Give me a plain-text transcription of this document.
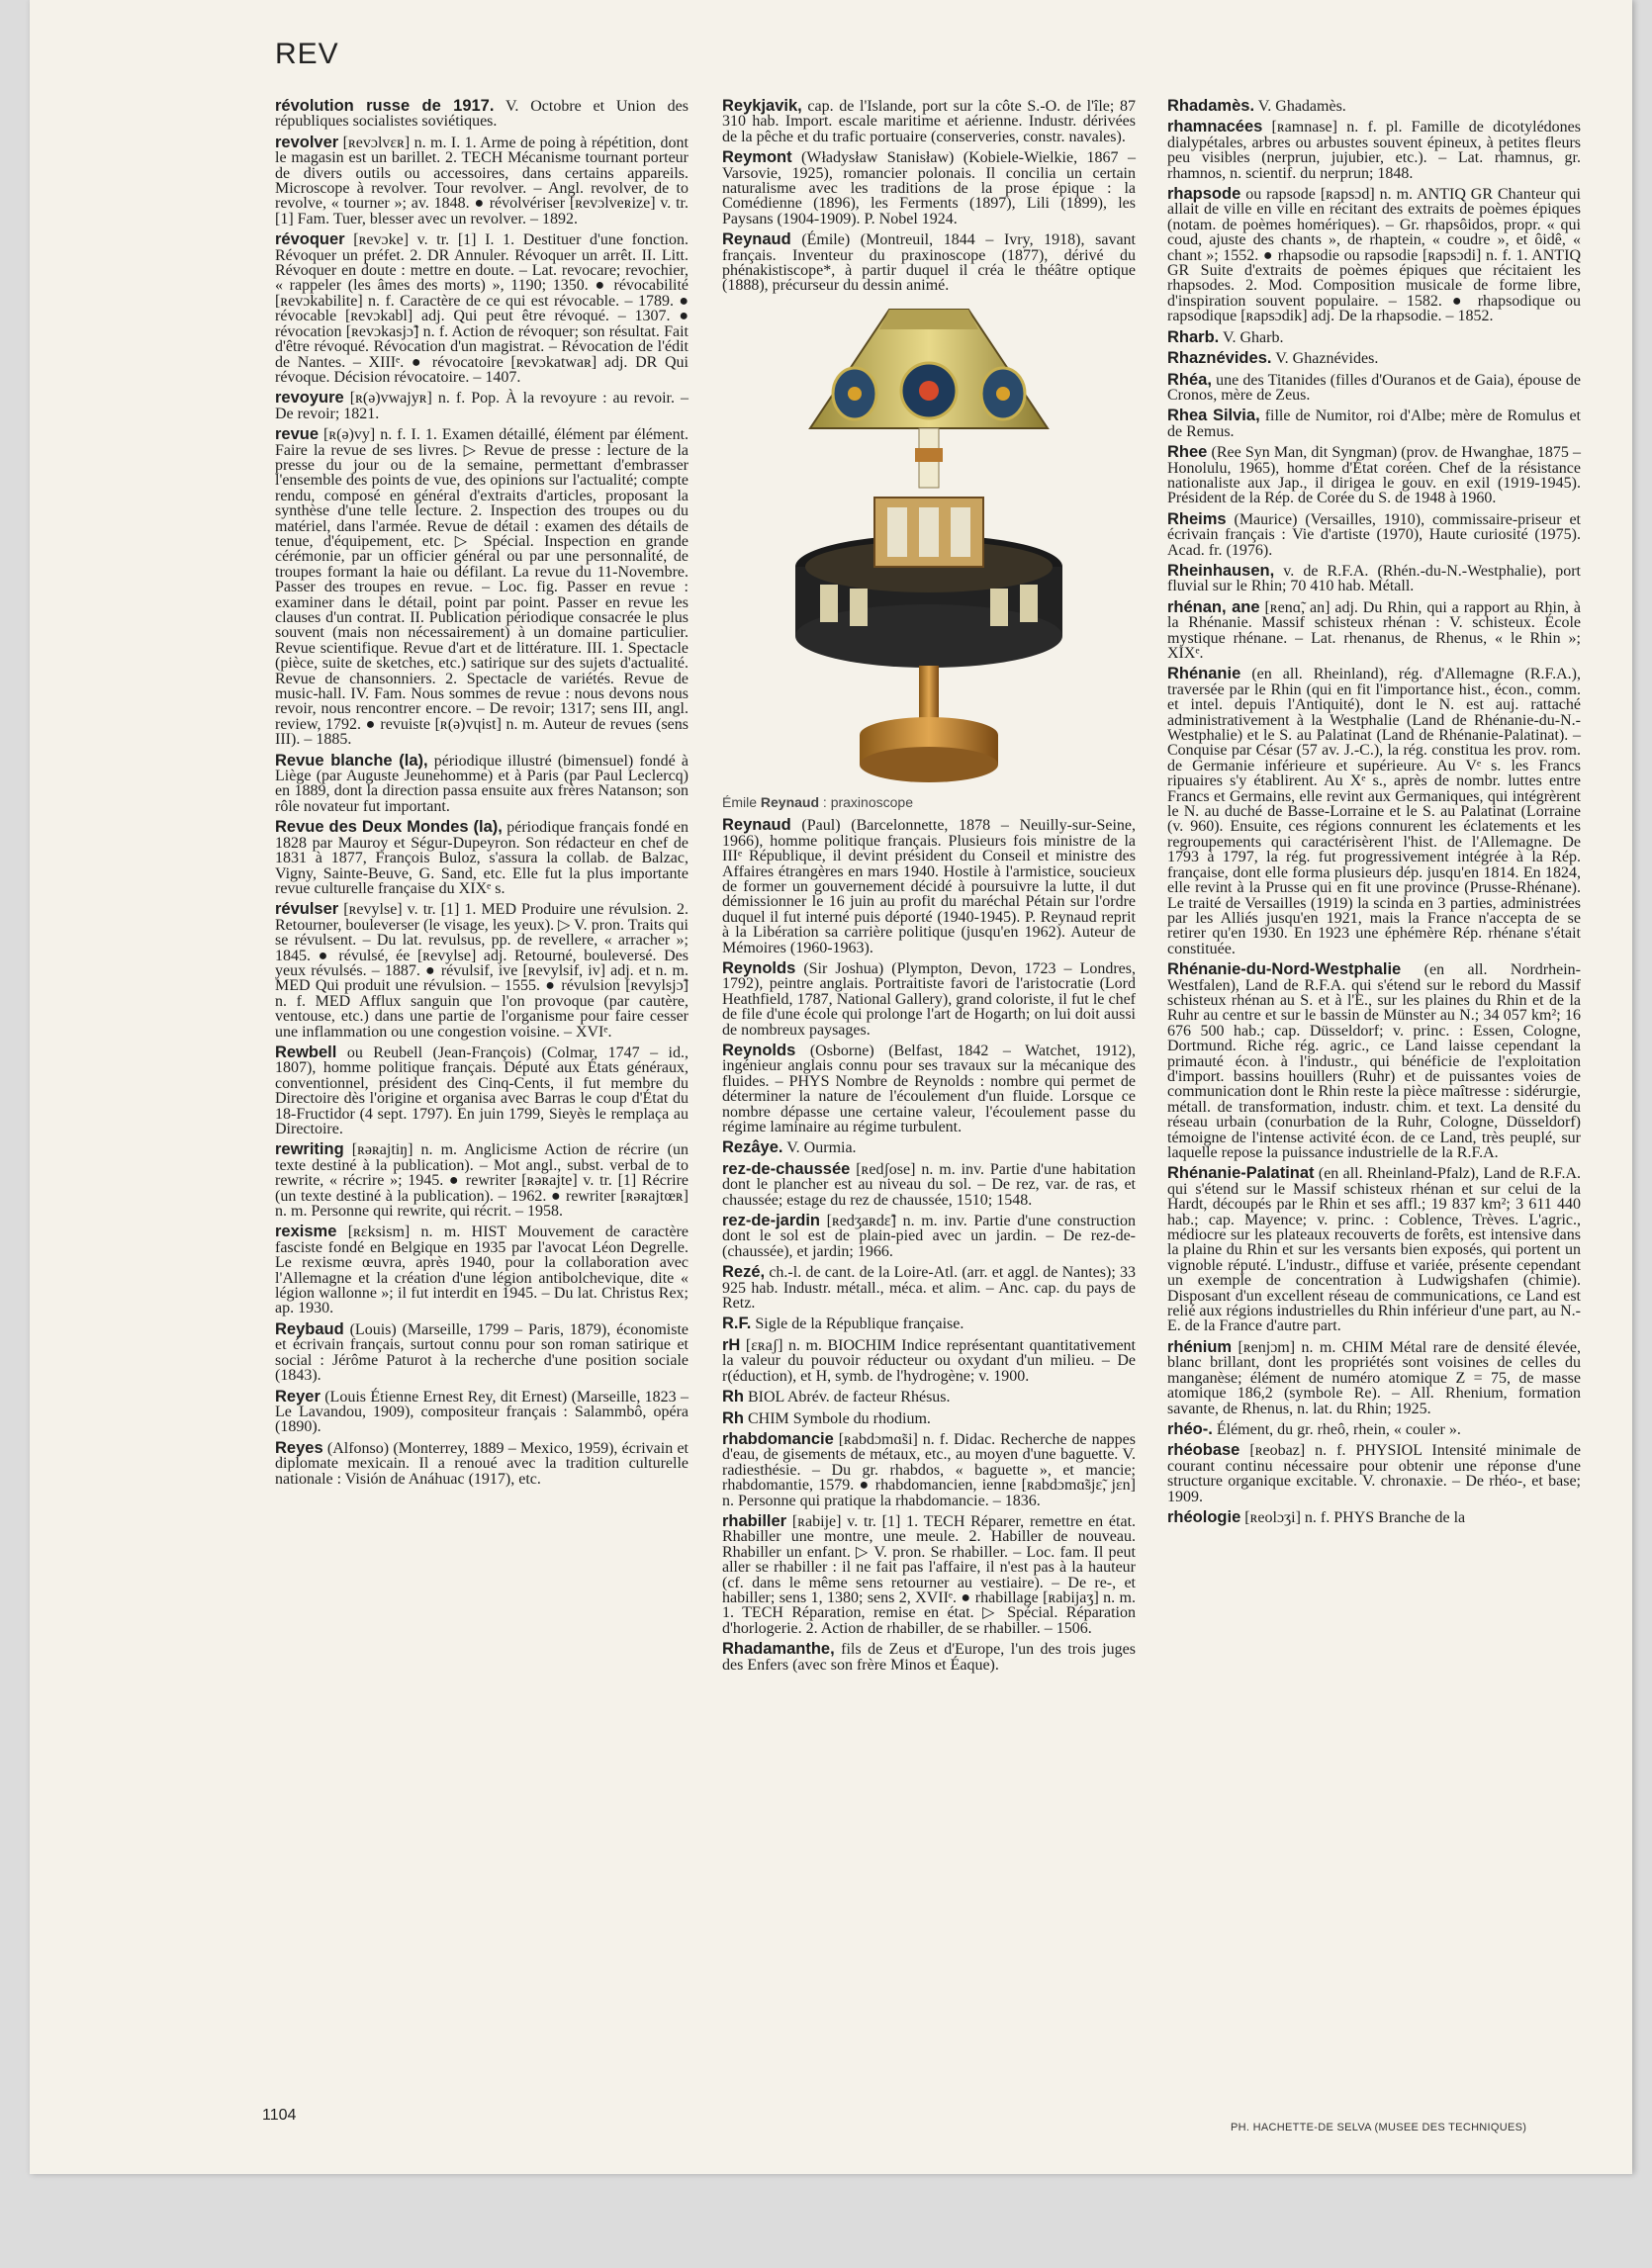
REV

révolution russe de 1917. V. Octobre et Union des républiques socialistes soviétiques.

revolver [ʀevɔlvɛʀ] n. m. I. 1. Arme de poing à répétition, dont le magasin est un barillet. 2. TECH Mécanisme tournant porteur de divers outils ou accessoires, dans certains appareils. Microscope à revolver. Tour revolver. – Angl. revolver, de to revolve, « tourner »; av. 1848. ● révolvériser [ʀevɔlveʀize] v. tr. [1] Fam. Tuer, blesser avec un revolver. – 1892.

révoquer [ʀevɔke] v. tr. [1] I. 1. Destituer d'une fonction. Révoquer un préfet. 2. DR Annuler. Révoquer un arrêt. II. Litt. Révoquer en doute : mettre en doute. – Lat. revocare; revochier, « rappeler (les âmes des morts) », 1190; 1350. ● révocabilité [ʀevɔkabilite] n. f. Caractère de ce qui est révocable. – 1789. ● révocable [ʀevɔkabl] adj. Qui peut être révoqué. – 1307. ● révocation [ʀevɔkasjɔ̃] n. f. Action de révoquer; son résultat. Fait d'être révoqué. Révocation d'un magistrat. – Révocation de l'édit de Nantes. – XIIIᵉ. ● révocatoire [ʀevɔkatwaʀ] adj. DR Qui révoque. Décision révocatoire. – 1407.

revoyure [ʀ(ə)vwajyʀ] n. f. Pop. À la revoyure : au revoir. – De revoir; 1821.

revue [ʀ(ə)vy] n. f. I. 1. Examen détaillé, élément par élément. Faire la revue de ses livres. ▷ Revue de presse : lecture de la presse du jour ou de la semaine, permettant d'embrasser l'ensemble des points de vue, des opinions sur l'actualité; compte rendu, composé en général d'extraits d'articles, proposant la synthèse d'une telle lecture. 2. Inspection des troupes ou du matériel, dans l'armée. Revue de détail : examen des détails de tenue, d'équipement, etc. ▷ Spécial. Inspection en grande cérémonie, par un officier général ou par une personnalité, de troupes formant la haie ou défilant. La revue du 11-Novembre. Passer des troupes en revue. – Loc. fig. Passer en revue : examiner dans le détail, point par point. Passer en revue les clauses d'un contrat. II. Publication périodique consacrée le plus souvent (mais non nécessairement) à un domaine particulier. Revue scientifique. Revue d'art et de littérature. III. 1. Spectacle (pièce, suite de sketches, etc.) satirique sur des sujets d'actualité. Revue de chansonniers. 2. Spectacle de variétés. Revue de music-hall. IV. Fam. Nous sommes de revue : nous devons nous revoir, nous rencontrer encore. – De revoir; 1317; sens III, angl. review, 1792. ● revuiste [ʀ(ə)vɥist] n. m. Auteur de revues (sens III). – 1885.

Revue blanche (la), périodique illustré (bimensuel) fondé à Liège (par Auguste Jeunehomme) et à Paris (par Paul Leclercq) en 1889, dont la direction passa ensuite aux frères Natanson; son rôle novateur fut important.

Revue des Deux Mondes (la), périodique français fondé en 1828 par Mauroy et Ségur-Dupeyron. Son rédacteur en chef de 1831 à 1877, François Buloz, s'assura la collab. de Balzac, Vigny, Sainte-Beuve, G. Sand, etc. Elle fut la plus importante revue culturelle française du XIXᵉ s.

révulser [ʀevylse] v. tr. [1] 1. MED Produire une révulsion. 2. Retourner, bouleverser (le visage, les yeux). ▷ V. pron. Traits qui se révulsent. – Du lat. revulsus, pp. de revellere, « arracher »; 1845. ● révulsé, ée [ʀevylse] adj. Retourné, bouleversé. Des yeux révulsés. – 1887. ● révulsif, ive [ʀevylsif, iv] adj. et n. m. MED Qui produit une révulsion. – 1555. ● révulsion [ʀevylsjɔ̃] n. f. MED Afflux sanguin que l'on provoque (par cautère, ventouse, etc.) dans une partie de l'organisme pour faire cesser une inflammation ou une congestion voisine. – XVIᵉ.

Rewbell ou Reubell (Jean-François) (Colmar, 1747 – id., 1807), homme politique français. Député aux États généraux, conventionnel, président des Cinq-Cents, il fut membre du Directoire dès l'origine et organisa avec Barras le coup d'État du 18-Fructidor (4 sept. 1797). En juin 1799, Sieyès le remplaça au Directoire.

rewriting [ʀəʀajtiŋ] n. m. Anglicisme Action de récrire (un texte destiné à la publication). – Mot angl., subst. verbal de to rewrite, « récrire »; 1945. ● rewriter [ʀəʀajte] v. tr. [1] Récrire (un texte destiné à la publication). – 1962. ● rewriter [ʀəʀajtœʀ] n. m. Personne qui rewrite, qui récrit. – 1958.

rexisme [ʀɛksism] n. m. HIST Mouvement de caractère fasciste fondé en Belgique en 1935 par l'avocat Léon Degrelle. Le rexisme œuvra, après 1940, pour la collaboration avec l'Allemagne et la création d'une légion antibolchevique, dite « légion wallonne »; il fut interdit en 1945. – Du lat. Christus Rex; ap. 1930.

Reybaud (Louis) (Marseille, 1799 – Paris, 1879), économiste et écrivain français, surtout connu pour son roman satirique et social : Jérôme Paturot à la recherche d'une position sociale (1843).

Reyer (Louis Étienne Ernest Rey, dit Ernest) (Marseille, 1823 – Le Lavandou, 1909), compositeur français : Salammbô, opéra (1890).

Reyes (Alfonso) (Monterrey, 1889 – Mexico, 1959), écrivain et diplomate mexicain. Il a renoué avec la tradition culturelle nationale : Visión de Anáhuac (1917), etc.

Reykjavik, cap. de l'Islande, port sur la côte S.-O. de l'île; 87 310 hab. Import. escale maritime et aérienne. Industr. dérivées de la pêche et du trafic portuaire (conserveries, constr. navales).

Reymont (Władysław Stanisław) (Kobiele-Wielkie, 1867 – Varsovie, 1925), romancier polonais. Il concilia un certain naturalisme avec les traditions de la prose épique : la Comédienne (1896), les Ferments (1897), Lili (1899), les Paysans (1904-1909). P. Nobel 1924.

Reynaud (Émile) (Montreuil, 1844 – Ivry, 1918), savant français. Inventeur du praxinoscope (1877), dérivé du phénakistiscope*, à partir duquel il créa le théâtre optique (1888), précurseur du dessin animé.

Émile Reynaud : praxinoscope

Reynaud (Paul) (Barcelonnette, 1878 – Neuilly-sur-Seine, 1966), homme politique français. Plusieurs fois ministre de la IIIᵉ République, il devint président du Conseil et ministre des Affaires étrangères en mars 1940. Hostile à l'armistice, soucieux de former un gouvernement décidé à poursuivre la lutte, il dut démissionner le 16 juin au profit du maréchal Pétain sur l'ordre duquel il fut interné puis déporté (1940-1945). P. Reynaud reprit à la Libération sa carrière politique (jusqu'en 1962). Auteur de Mémoires (1960-1963).

Reynolds (Sir Joshua) (Plympton, Devon, 1723 – Londres, 1792), peintre anglais. Portraitiste favori de l'aristocratie (Lord Heathfield, 1787, National Gallery), grand coloriste, il fut le chef de file d'une école qui prolonge l'art de Hogarth; on lui doit aussi de nombreux paysages.

Reynolds (Osborne) (Belfast, 1842 – Watchet, 1912), ingénieur anglais connu pour ses travaux sur la mécanique des fluides. – PHYS Nombre de Reynolds : nombre qui permet de déterminer la nature de l'écoulement d'un fluide. Lorsque ce nombre dépasse une certaine valeur, l'écoulement passe du régime laminaire au régime turbulent.

Rezâye. V. Ourmia.

rez-de-chaussée [ʀedʃose] n. m. inv. Partie d'une habitation dont le plancher est au niveau du sol. – De rez, var. de ras, et chaussée; estage du rez de chaussée, 1510; 1548.

rez-de-jardin [ʀedʒaʀdɛ̃] n. m. inv. Partie d'une construction dont le sol est de plain-pied avec un jardin. – De rez-de-(chaussée), et jardin; 1966.

Rezé, ch.-l. de cant. de la Loire-Atl. (arr. et aggl. de Nantes); 33 925 hab. Industr. métall., méca. et alim. – Anc. cap. du pays de Retz.

R.F. Sigle de la République française.

rH [ɛʀaʃ] n. m. BIOCHIM Indice représentant quantitativement la valeur du pouvoir réducteur ou oxydant d'un milieu. – De r(éduction), et H, symb. de l'hydrogène; v. 1900.

Rh BIOL Abrév. de facteur Rhésus.

Rh CHIM Symbole du rhodium.

rhabdomancie [ʀabdɔmɑ̃si] n. f. Didac. Recherche de nappes d'eau, de gisements de métaux, etc., au moyen d'une baguette. V. radiesthésie. – Du gr. rhabdos, « baguette », et mancie; rhabdomantie, 1579. ● rhabdomancien, ienne [ʀabdɔmɑ̃sjɛ̃, jɛn] n. Personne qui pratique la rhabdomancie. – 1836.

rhabiller [ʀabije] v. tr. [1] 1. TECH Réparer, remettre en état. Rhabiller une montre, une meule. 2. Habiller de nouveau. Rhabiller un enfant. ▷ V. pron. Se rhabiller. – Loc. fam. Il peut aller se rhabiller : il ne fait pas l'affaire, il n'est pas à la hauteur (cf. dans le même sens retourner au vestiaire). – De re-, et habiller; sens 1, 1380; sens 2, XVIIᵉ. ● rhabillage [ʀabijaʒ] n. m. 1. TECH Réparation, remise en état. ▷ Spécial. Réparation d'horlogerie. 2. Action de rhabiller, de se rhabiller. – 1506.

Rhadamanthe, fils de Zeus et d'Europe, l'un des trois juges des Enfers (avec son frère Minos et Éaque).

Rhadamès. V. Ghadamès.

rhamnacées [ʀamnase] n. f. pl. Famille de dicotylédones dialypétales, arbres ou arbustes souvent épineux, à petites fleurs peu visibles (nerprun, jujubier, etc.). – Lat. rhamnus, gr. rhamnos, n. scientif. du nerprun; 1848.

rhapsode ou rapsode [ʀapsɔd] n. m. ANTIQ GR Chanteur qui allait de ville en ville en récitant des extraits de poèmes épiques (notam. de poèmes homériques). – Gr. rhapsôidos, propr. « qui coud, ajuste des chants », de rhaptein, « coudre », et ôidê, « chant »; 1552. ● rhapsodie ou rapsodie [ʀapsɔdi] n. f. 1. ANTIQ GR Suite d'extraits de poèmes épiques que récitaient les rhapsodes. 2. Mod. Composition musicale de forme libre, d'inspiration souvent populaire. – 1582. ● rhapsodique ou rapsodique [ʀapsɔdik] adj. De la rhapsodie. – 1852.

Rharb. V. Gharb.

Rhaznévides. V. Ghaznévides.

Rhéa, une des Titanides (filles d'Ouranos et de Gaia), épouse de Cronos, mère de Zeus.

Rhea Silvia, fille de Numitor, roi d'Albe; mère de Romulus et de Remus.

Rhee (Ree Syn Man, dit Syngman) (prov. de Hwanghae, 1875 – Honolulu, 1965), homme d'État coréen. Chef de la résistance nationaliste aux Jap., il dirigea le gouv. en exil (1919-1945). Président de la Rép. de Corée du S. de 1948 à 1960.

Rheims (Maurice) (Versailles, 1910), commissaire-priseur et écrivain français : Vie d'artiste (1970), Haute curiosité (1975). Acad. fr. (1976).

Rheinhausen, v. de R.F.A. (Rhén.-du-N.-Westphalie), port fluvial sur le Rhin; 70 410 hab. Métall.

rhénan, ane [ʀenɑ̃, an] adj. Du Rhin, qui a rapport au Rhin, à la Rhénanie. Massif schisteux rhénan : V. schisteux. École mystique rhénane. – Lat. rhenanus, de Rhenus, « le Rhin »; XIXᵉ.

Rhénanie (en all. Rheinland), rég. d'Allemagne (R.F.A.), traversée par le Rhin (qui en fit l'importance hist., écon., comm. et intel. depuis l'Antiquité), dont le N. est auj. rattaché administrativement à la Westphalie (Land de Rhénanie-du-N.-Westphalie) et le S. au Palatinat (Land de Rhénanie-Palatinat). – Conquise par César (57 av. J.-C.), la rég. constitua les prov. rom. de Germanie inférieure et supérieure. Au Vᵉ s. les Francs ripuaires s'y établirent. Au Xᵉ s., après de nombr. luttes entre Francs et Germains, elle revint aux Germaniques, qui intégrèrent le N. au duché de Basse-Lorraine et le S. au Palatinat (Lorraine (v. 960). Ensuite, ces régions connurent les éclatements et les regroupements qui caractérisèrent l'hist. de l'Allemagne. De 1793 à 1797, la rég. fut progressivement intégrée à la Rép. française, dont elle forma plusieurs dép. jusqu'en 1814. En 1824, elle revint à la Prusse qui en fit une province (Prusse-Rhénane). Le traité de Versailles (1919) la scinda en 3 parties, administrées par les Alliés jusqu'en 1921, mais la France n'accepta de se retirer qu'en 1930. En 1923 une éphémère Rép. rhénane s'était constituée.

Rhénanie-du-Nord-Westphalie (en all. Nordrhein-Westfalen), Land de R.F.A. qui s'étend sur le rebord du Massif schisteux rhénan au S. et à l'E., sur les plaines du Rhin et de la Ruhr au centre et sur le bassin de Münster au N.; 34 057 km²; 16 676 500 hab.; cap. Düsseldorf; v. princ. : Essen, Cologne, Dortmund. Riche rég. agric., ce Land laisse cependant la primauté écon. à l'industr., qui bénéficie de l'exploitation d'import. bassins houillers (Ruhr) et de puissantes voies de communication dont le Rhin reste la pièce maîtresse : sidérurgie, métall. de transformation, industr. chim. et text. La densité du réseau urbain (conurbation de la Ruhr, Cologne, Düsseldorf) témoigne de l'intense activité écon. de ce Land, très peuplé, sur laquelle repose la puissance industrielle de la R.F.A.

Rhénanie-Palatinat (en all. Rheinland-Pfalz), Land de R.F.A. qui s'étend sur le Massif schisteux rhénan et sur celui de la Hardt, découpés par le Rhin et ses affl.; 19 837 km²; 3 611 440 hab.; cap. Mayence; v. princ. : Coblence, Trèves. L'agric., médiocre sur les plateaux recouverts de forêts, est intensive dans la plaine du Rhin et sur les versants bien exposés, qui portent un vignoble réputé. L'industr., diffuse et variée, présente cependant un exemple de concentration à Ludwigshafen (chimie). Disposant d'un excellent réseau de communications, ce Land est relié aux régions industrielles du Rhin inférieur d'une part, au N.-E. de la France d'autre part.

rhénium [ʀenjɔm] n. m. CHIM Métal rare de densité élevée, blanc brillant, dont les propriétés sont voisines de celles du manganèse; élément de numéro atomique Z = 75, de masse atomique 186,2 (symbole Re). – All. Rhenium, formation savante, de Rhenus, n. lat. du Rhin; 1925.

rhéo-. Élément, du gr. rheô, rhein, « couler ».

rhéobase [ʀeobaz] n. f. PHYSIOL Intensité minimale de courant continu nécessaire pour obtenir une réponse d'une structure organique excitable. V. chronaxie. – De rhéo-, et base; 1909.

rhéologie [ʀeolɔʒi] n. f. PHYS Branche de la

1104
PH. HACHETTE-DE SELVA (MUSEE DES TECHNIQUES)
